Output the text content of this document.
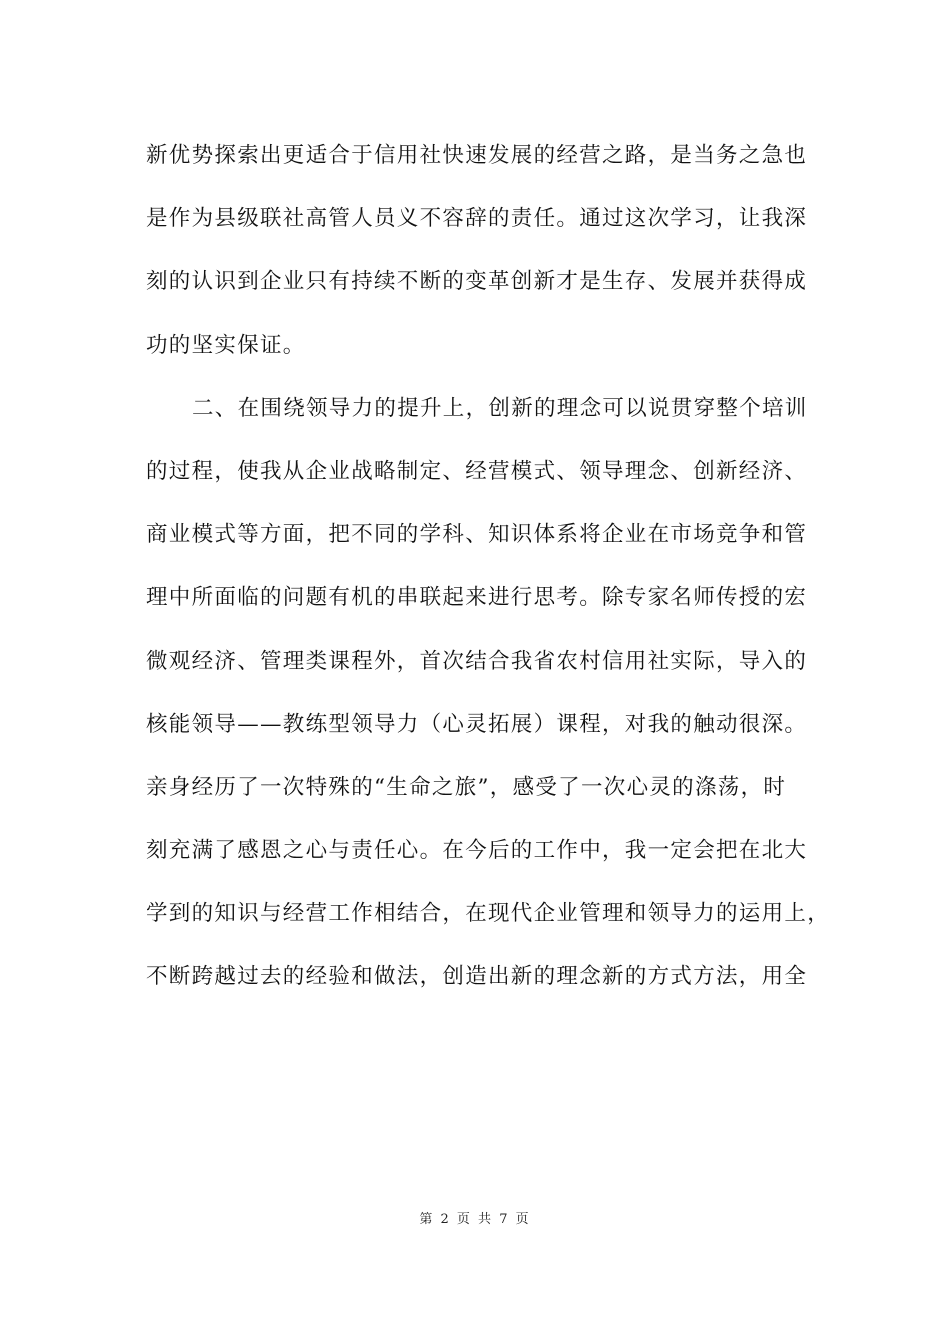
新优势探索出更适合于信用社快速发展的经营之路，是当务之急也
是作为县级联社高管人员义不容辞的责任。通过这次学习，让我深
刻的认识到企业只有持续不断的变革创新才是生存、发展并获得成
功的坚实保证。
二、在围绕领导力的提升上，创新的理念可以说贯穿整个培训
的过程，使我从企业战略制定、经营模式、领导理念、创新经济、
商业模式等方面，把不同的学科、知识体系将企业在市场竞争和管
理中所面临的问题有机的串联起来进行思考。除专家名师传授的宏
微观经济、管理类课程外，首次结合我省农村信用社实际，导入的
核能领导——教练型领导力（心灵拓展）课程，对我的触动很深。
亲身经历了一次特殊的“生命之旅”，感受了一次心灵的涤荡，时
刻充满了感恩之心与责任心。在今后的工作中，我一定会把在北大
学到的知识与经营工作相结合，在现代企业管理和领导力的运用上，
不断跨越过去的经验和做法，创造出新的理念新的方式方法，用全
第 2 页 共 7 页
